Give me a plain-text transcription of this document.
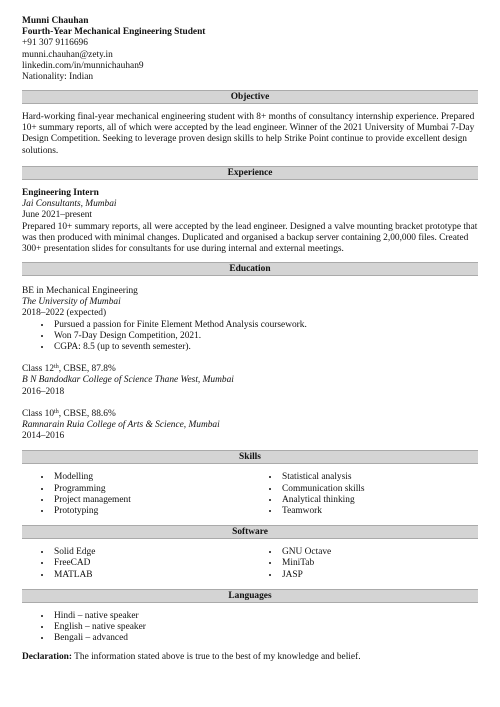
Munni Chauhan
Fourth-Year Mechanical Engineering Student
+91 307 9116696
munni.chauhan@zety.in
linkedin.com/in/munnichauhan9
Nationality: Indian
Objective
Hard-working final-year mechanical engineering student with 8+ months of consultancy internship experience. Prepared 10+ summary reports, all of which were accepted by the lead engineer. Winner of the 2021 University of Mumbai 7-Day Design Competition. Seeking to leverage proven design skills to help Strike Point continue to provide excellent design solutions.
Experience
Engineering Intern
Jai Consultants, Mumbai
June 2021–present
Prepared 10+ summary reports, all were accepted by the lead engineer. Designed a valve mounting bracket prototype that was then produced with minimal changes. Duplicated and organised a backup server containing 2,00,000 files. Created 300+ presentation slides for consultants for use during internal and external meetings.
Education
BE in Mechanical Engineering
The University of Mumbai
2018–2022 (expected)
• Pursued a passion for Finite Element Method Analysis coursework.
• Won 7-Day Design Competition, 2021.
• CGPA: 8.5 (up to seventh semester).
Class 12th, CBSE, 87.8%
B N Bandodkar College of Science Thane West, Mumbai
2016–2018
Class 10th, CBSE, 88.6%
Ramnarain Ruia College of Arts & Science, Mumbai
2014–2016
Skills
• Modelling
• Programming
• Project management
• Prototyping
• Statistical analysis
• Communication skills
• Analytical thinking
• Teamwork
Software
• Solid Edge
• FreeCAD
• MATLAB
• GNU Octave
• MiniTab
• JASP
Languages
• Hindi – native speaker
• English – native speaker
• Bengali – advanced
Declaration: The information stated above is true to the best of my knowledge and belief.
